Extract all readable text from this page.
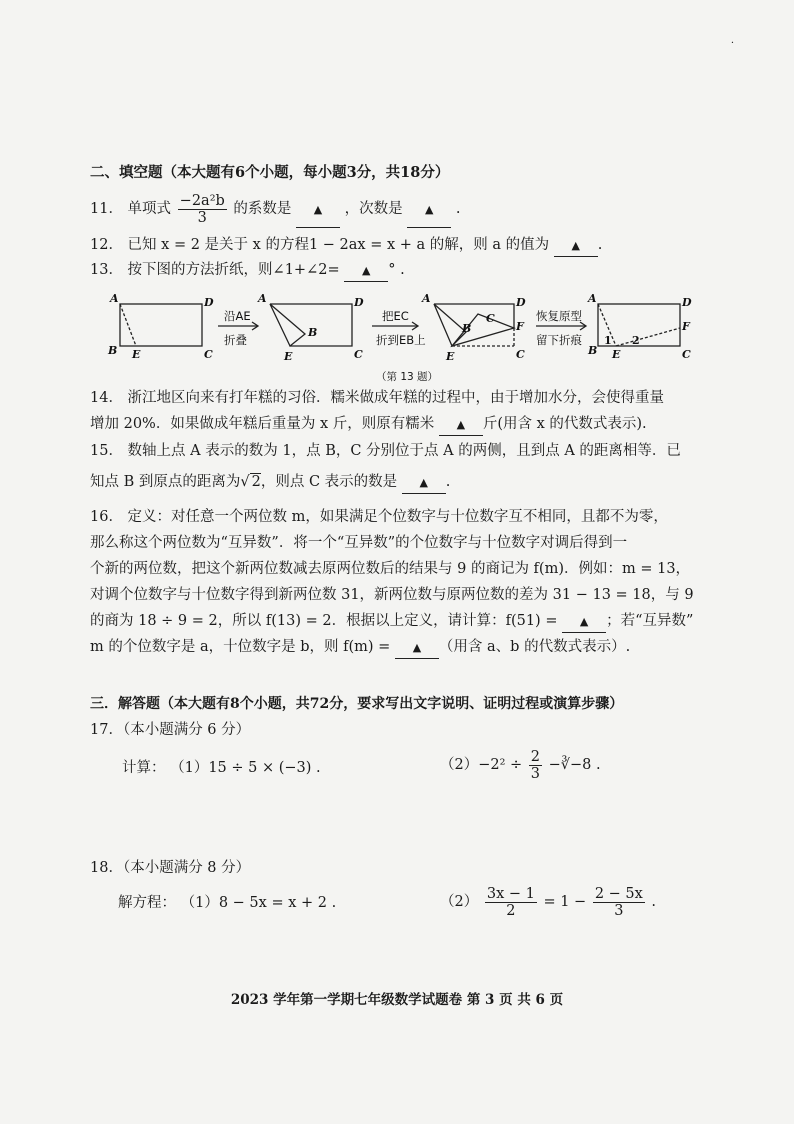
·
二、填空题（本大题有6个小题，每小题3分，共18分）
11． 单项式 $\frac{\text{−2a²b}}{3}$ 的系数是 ▲ ，次数是 ▲ .
12． 已知 x = 2 是关于 x 的方程1 − 2ax = x + a 的解，则 a 的值为 ▲ .
13． 按下图的方法折纸，则∠1+∠2= ▲ ° .
A	D
B E	C
A	D
B
E	C
A	D
B
C
F
E	C
A	D
F
B E	C
1 2
沿AE
折叠
把EC
折到EB上
恢复原型
留下折痕
（第 13 题）
14． 浙江地区向来有打年糕的习俗．糯米做成年糕的过程中，由于增加水分，会使得重量
增加 20%．如果做成年糕后重量为 x 斤，则原有糯米 ▲ 斤(用含 x 的代数式表示).
15． 数轴上点 A 表示的数为 1，点 B，C 分别位于点 A 的两侧，且到点 A 的距离相等．已
知点 B 到原点的距离为√ 2，则点 C 表示的数是 ▲ .
16． 定义：对任意一个两位数 m，如果满足个位数字与十位数字互不相同，且都不为零，
那么称这个两位数为“互异数”．将一个“互异数”的个位数字与十位数字对调后得到一
个新的两位数，把这个新两位数减去原两位数后的结果与 9 的商记为 f(m)．例如：m = 13，
对调个位数字与十位数字得到新两位数 31，新两位数与原两位数的差为 31 − 13 = 18，与 9
的商为 18 ÷ 9 = 2，所以 f(13) = 2．根据以上定义，请计算：f(51) = ▲ ；若“互异数”
m 的个位数字是 a，十位数字是 b，则 f(m) = ▲ （用含 a、b 的代数式表示）.
三．解答题（本大题有8个小题，共72分，要求写出文字说明、证明过程或演算步骤）
17．（本小题满分 6 分）
计算： （1）15 ÷ 5 × (−3) .	$(2)-2^2 \div \frac{2}{3}$ −∛−8 .
18．（本小题满分 8 分）
解方程： （1）8 − 5x = x + 2 .	$(2) \frac{3x - 1}{2} = 1 - \frac{2 - 5x}{3}$ .
2023 学年第一学期七年级数学试题卷 第 3 页 共 6 页
